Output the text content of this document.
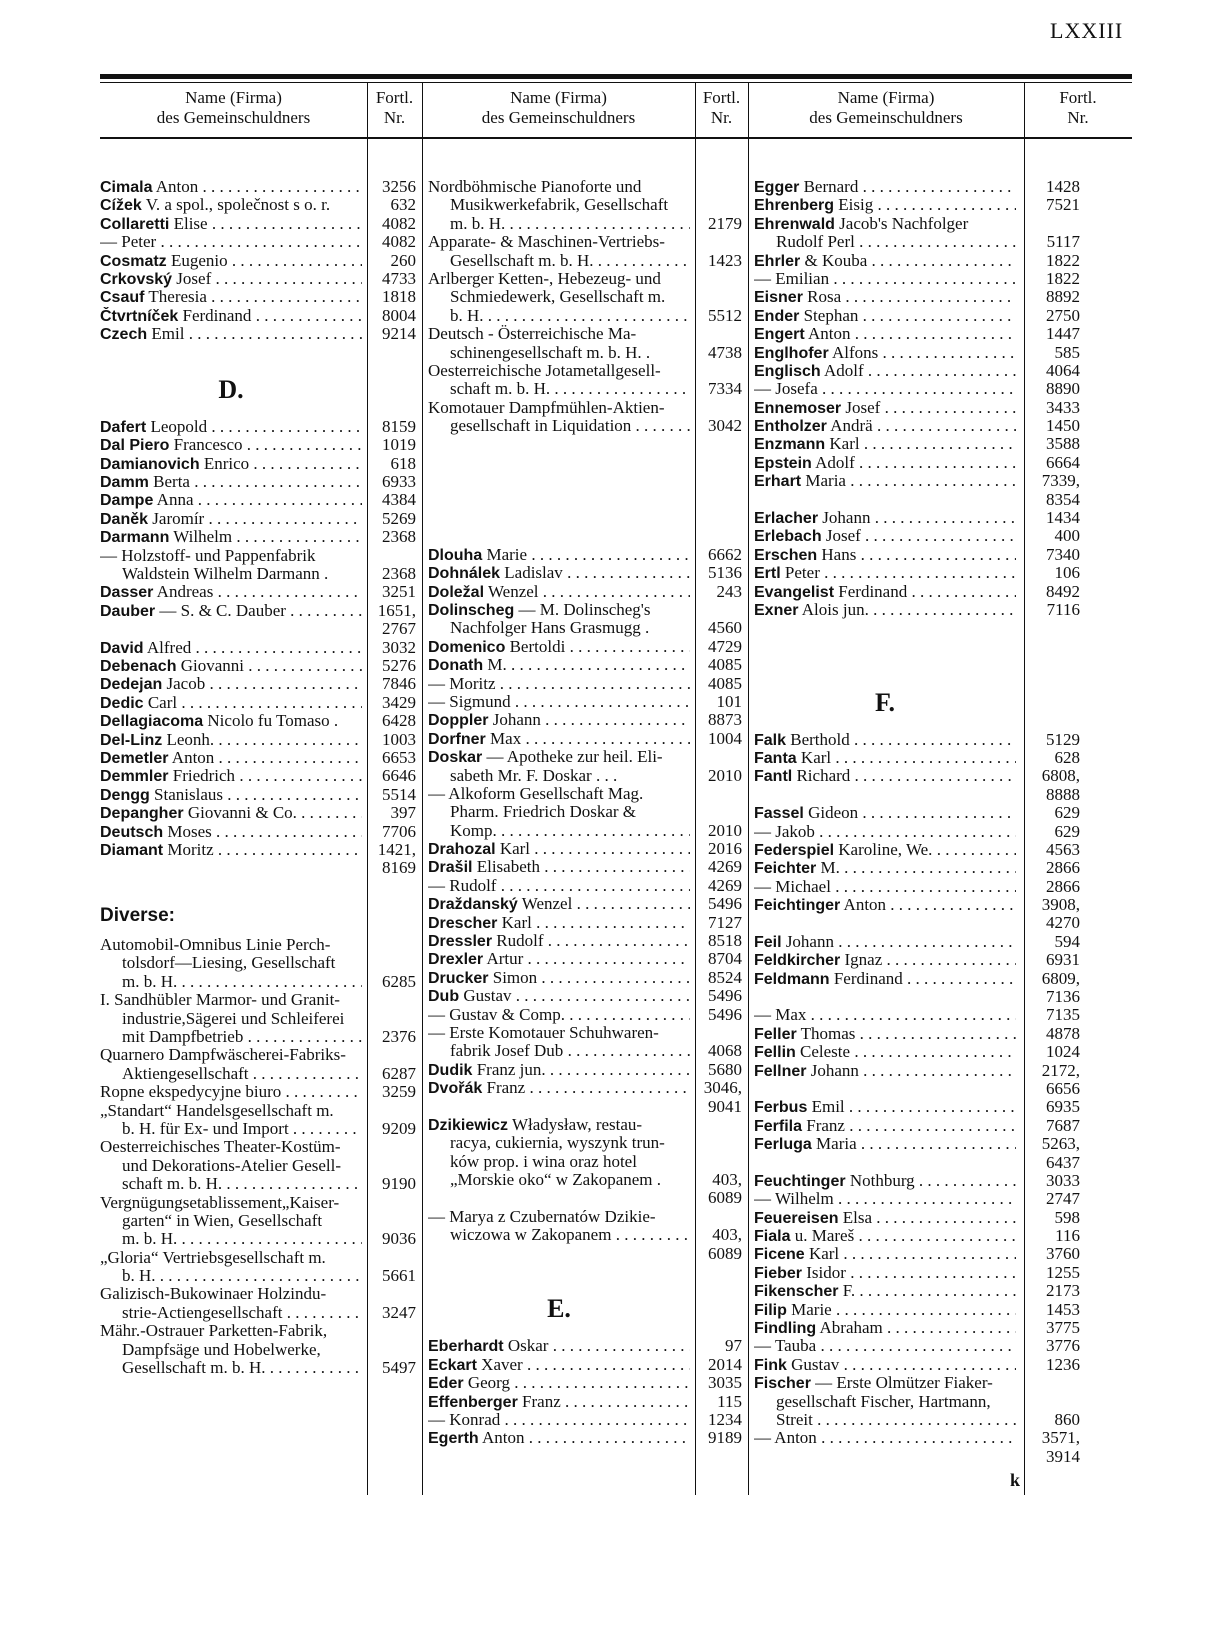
LXXIII
Name (Firma)
des Gemeinschuldners
Fortl.
Nr.
Name (Firma)
des Gemeinschuldners
Fortl.
Nr.
Name (Firma)
des Gemeinschuldners
Fortl.
Nr.
Cimala Anton . . .	3256
Cížek V. a spol., společnost s o. r.	632
Collaretti Elise . . .	4082
— Peter . . .	4082
Cosmatz Eugenio . . .	260
Crkovský Josef . . .	4733
Csauf Theresia . . .	1818
Čtvrtníček Ferdinand . . .	8004
Czech Emil . . .	9214
D.
Dafert Leopold . . .	8159
Dal Piero Francesco . . .	1019
Damianovich Enrico . . .	618
Damm Berta . . .	6933
Dampe Anna . . .	4384
Daněk Jaromír . . .	5269
Darmann Wilhelm . . .	2368
— Holzstoff- und Pappenfabrik
Waldstein Wilhelm Darmann .	2368
Dasser Andreas . . .	3251
Dauber — S. & C. Dauber . . .	1651,
2767
David Alfred . . .	3032
Debenach Giovanni . . .	5276
Dedejan Jacob . . .	7846
Dedic Carl . . .	3429
Dellagiacoma Nicolo fu Tomaso .	6428
Del-Linz Leonh. . . .	1003
Demetler Anton . . .	6653
Demmler Friedrich . . .	6646
Dengg Stanislaus . . .	5514
Depangher Giovanni & Co. . . .	397
Deutsch Moses . . .	7706
Diamant Moritz . . .	1421,
8169
Diverse:
Automobil-Omnibus Linie Perch-
tolsdorf—Liesing, Gesellschaft
m. b. H. . . .	6285
I. Sandhübler Marmor- und Granit-
industrie,Sägerei und Schleiferei
mit Dampfbetrieb . . .	2376
Quarnero Dampfwäscherei-Fabriks-
Aktiengesellschaft . . .	6287
Ropne ekspedycyjne biuro . . .	3259
„Standart“ Handelsgesellschaft m.
b. H. für Ex- und Import . . .	9209
Oesterreichisches Theater-Kostüm-
und Dekorations-Atelier Gesell-
schaft m. b. H. . . .	9190
Vergnügungsetablissement„Kaiser-
garten“ in Wien, Gesellschaft
m. b. H. . . .	9036
„Gloria“ Vertriebsgesellschaft m.
b. H. . . .	5661
Galizisch-Bukowinaer Holzindu-
strie-Actiengesellschaft . . .	3247
Mähr.-Ostrauer Parketten-Fabrik,
Dampfsäge und Hobelwerke,
Gesellschaft m. b. H. . . .	5497
Nordböhmische Pianoforte und
Musikwerkefabrik, Gesellschaft
m. b. H. . . .	2179
Apparate- & Maschinen-Vertriebs-
Gesellschaft m. b. H. . . .	1423
Arlberger Ketten-, Hebezeug- und
Schmiedewerk, Gesellschaft m.
b. H. . . .	5512
Deutsch - Österreichische Ma-
schinengesellschaft m. b. H. .	4738
Oesterreichische Jotametallgesell-
schaft m. b. H. . . .	7334
Komotauer Dampfmühlen-Aktien-
gesellschaft in Liquidation . . .	3042
Dlouha Marie . . .	6662
Dohnálek Ladislav . . .	5136
Doležal Wenzel . . .	243
Dolinscheg — M. Dolinscheg's
Nachfolger Hans Grasmugg .	4560
Domenico Bertoldi . . .	4729
Donath M. . . .	4085
— Moritz . . .	4085
— Sigmund . . .	101
Doppler Johann . . .	8873
Dorfner Max . . .	1004
Doskar — Apotheke zur heil. Eli-
sabeth Mr. F. Doskar . . .	2010
— Alkoform Gesellschaft Mag.
Pharm. Friedrich Doskar &
Komp. . . .	2010
Drahozal Karl . . .	2016
Drašil Elisabeth . . .	4269
— Rudolf . . .	4269
Draždanský Wenzel . . .	5496
Drescher Karl . . .	7127
Dressler Rudolf . . .	8518
Drexler Artur . . .	8704
Drucker Simon . . .	8524
Dub Gustav . . .	5496
— Gustav & Comp. . . .	5496
— Erste Komotauer Schuhwaren-
fabrik Josef Dub . . .	4068
Dudik Franz jun. . . .	5680
Dvořák Franz . . .	3046,
9041
Dzikiewicz Władysław, restau-
racya, cukiernia, wyszynk trun-
ków prop. i wina oraz hotel
„Morskie oko“ w Zakopanem .	403,
6089
— Marya z Czubernatów Dzikie-
wiczowa w Zakopanem . . .	403,
6089
E.
Eberhardt Oskar . . .	97
Eckart Xaver . . .	2014
Eder Georg . . .	3035
Effenberger Franz . . .	115
— Konrad . . .	1234
Egerth Anton . . .	9189
Egger Bernard . . .	1428
Ehrenberg Eisig . . .	7521
Ehrenwald Jacob's Nachfolger
Rudolf Perl . . .	5117
Ehrler & Kouba . . .	1822
— Emilian . . .	1822
Eisner Rosa . . .	8892
Ender Stephan . . .	2750
Engert Anton . . .	1447
Englhofer Alfons . . .	585
Englisch Adolf . . .	4064
— Josefa . . .	8890
Ennemoser Josef . . .	3433
Entholzer Andrä . . .	1450
Enzmann Karl . . .	3588
Epstein Adolf . . .	6664
Erhart Maria . . .	7339,
8354
Erlacher Johann . . .	1434
Erlebach Josef . . .	400
Erschen Hans . . .	7340
Ertl Peter . . .	106
Evangelist Ferdinand . . .	8492
Exner Alois jun. . . .	7116
F.
Falk Berthold . . .	5129
Fanta Karl . . .	628
Fantl Richard . . .	6808,
8888
Fassel Gideon . . .	629
— Jakob . . .	629
Federspiel Karoline, We. . . .	4563
Feichter M. . . .	2866
— Michael . . .	2866
Feichtinger Anton . . .	3908,
4270
Feil Johann . . .	594
Feldkircher Ignaz . . .	6931
Feldmann Ferdinand . . .	6809,
7136
— Max . . .	7135
Feller Thomas . . .	4878
Fellin Celeste . . .	1024
Fellner Johann . . .	2172,
6656
Ferbus Emil . . .	6935
Ferfila Franz . . .	7687
Ferluga Maria . . .	5263,
6437
Feuchtinger Nothburg . . .	3033
— Wilhelm . . .	2747
Feuereisen Elsa . . .	598
Fiala u. Mareš . . .	116
Ficene Karl . . .	3760
Fieber Isidor . . .	1255
Fikenscher F. . . .	2173
Filip Marie . . .	1453
Findling Abraham . . .	3775
— Tauba . . .	3776
Fink Gustav . . .	1236
Fischer — Erste Olmützer Fiaker-
gesellschaft Fischer, Hartmann,
Streit . . .	860
— Anton . . .	3571,
3914
k
